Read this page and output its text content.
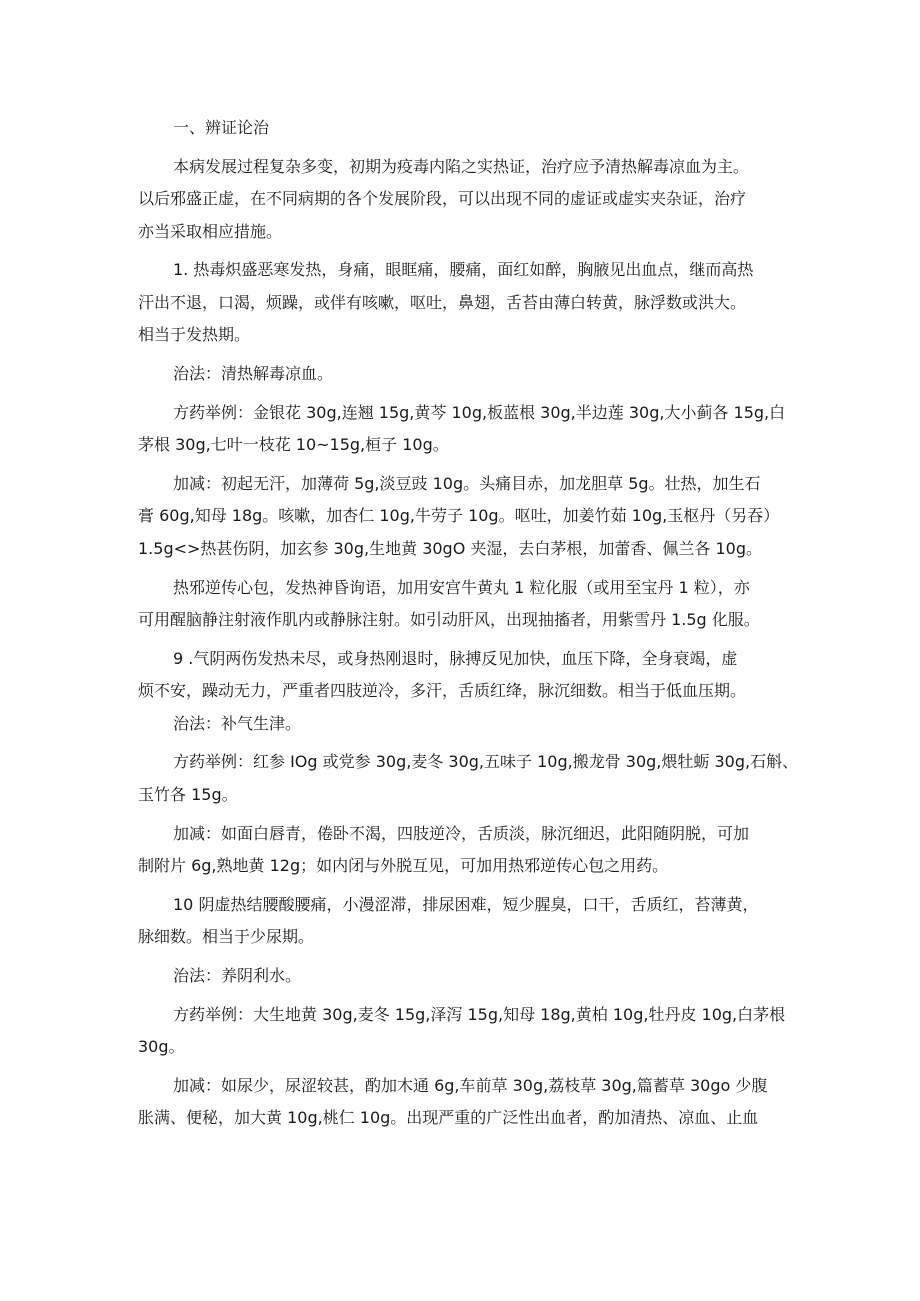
一、辨证论治

本病发展过程复杂多变，初期为疫毒内陷之实热证，治疗应予清热解毒凉血为主。
以后邪盛正虚，在不同病期的各个发展阶段，可以出现不同的虚证或虚实夹杂证，治疗
亦当采取相应措施。

1. 热毒炽盛恶寒发热，身痛，眼眶痛，腰痛，面红如醉，胸腋见出血点，继而高热
汗出不退，口渴，烦躁，或伴有咳嗽，呕吐，鼻翅，舌苔由薄白转黄，脉浮数或洪大。
相当于发热期。

治法：清热解毒凉血。

方药举例：金银花 30g,连翘 15g,黄芩 10g,板蓝根 30g,半边莲 30g,大小蓟各 15g,白
茅根 30g,七叶一枝花 10~15g,桓子 10g。

加减：初起无汗，加薄荷 5g,淡豆豉 10g。头痛目赤，加龙胆草 5g。壮热，加生石
膏 60g,知母 18g。咳嗽，加杏仁 10g,牛劳子 10g。呕吐，加姜竹茹 10g,玉枢丹（另吞）
1.5g<>热甚伤阴，加玄参 30g,生地黄 30gO 夹湿，去白茅根，加蕾香、佩兰各 10g。

热邪逆传心包，发热神昏询语，加用安宫牛黄丸 1 粒化服（或用至宝丹 1 粒），亦
可用醒脑静注射液作肌内或静脉注射。如引动肝风，出现抽搐者，用紫雪丹 1.5g 化服。

9 .气阴两伤发热未尽，或身热刚退时，脉搏反见加快，血压下降，全身衰竭，虚
烦不安，躁动无力，严重者四肢逆冷，多汗，舌质红绛，脉沉细数。相当于低血压期。

治法：补气生津。

方药举例：红参 IOg 或党参 30g,麦冬 30g,五味子 10g,搬龙骨 30g,煨牡蛎 30g,石斛、
玉竹各 15g。

加减：如面白唇青，倦卧不渴，四肢逆冷，舌质淡，脉沉细迟，此阳随阴脱，可加
制附片 6g,熟地黄 12g；如内闭与外脱互见，可加用热邪逆传心包之用药。

10 阴虚热结腰酸腰痛，小漫涩滞，排尿困难，短少腥臭，口干，舌质红，苔薄黄，
脉细数。相当于少尿期。

治法：养阴利水。

方药举例：大生地黄 30g,麦冬 15g,泽泻 15g,知母 18g,黄柏 10g,牡丹皮 10g,白茅根
30g。

加减：如尿少，尿涩较甚，酌加木通 6g,车前草 30g,荔枝草 30g,篇蓄草 30go 少腹
胀满、便秘，加大黄 10g,桃仁 10g。出现严重的广泛性出血者，酌加清热、凉血、止血
